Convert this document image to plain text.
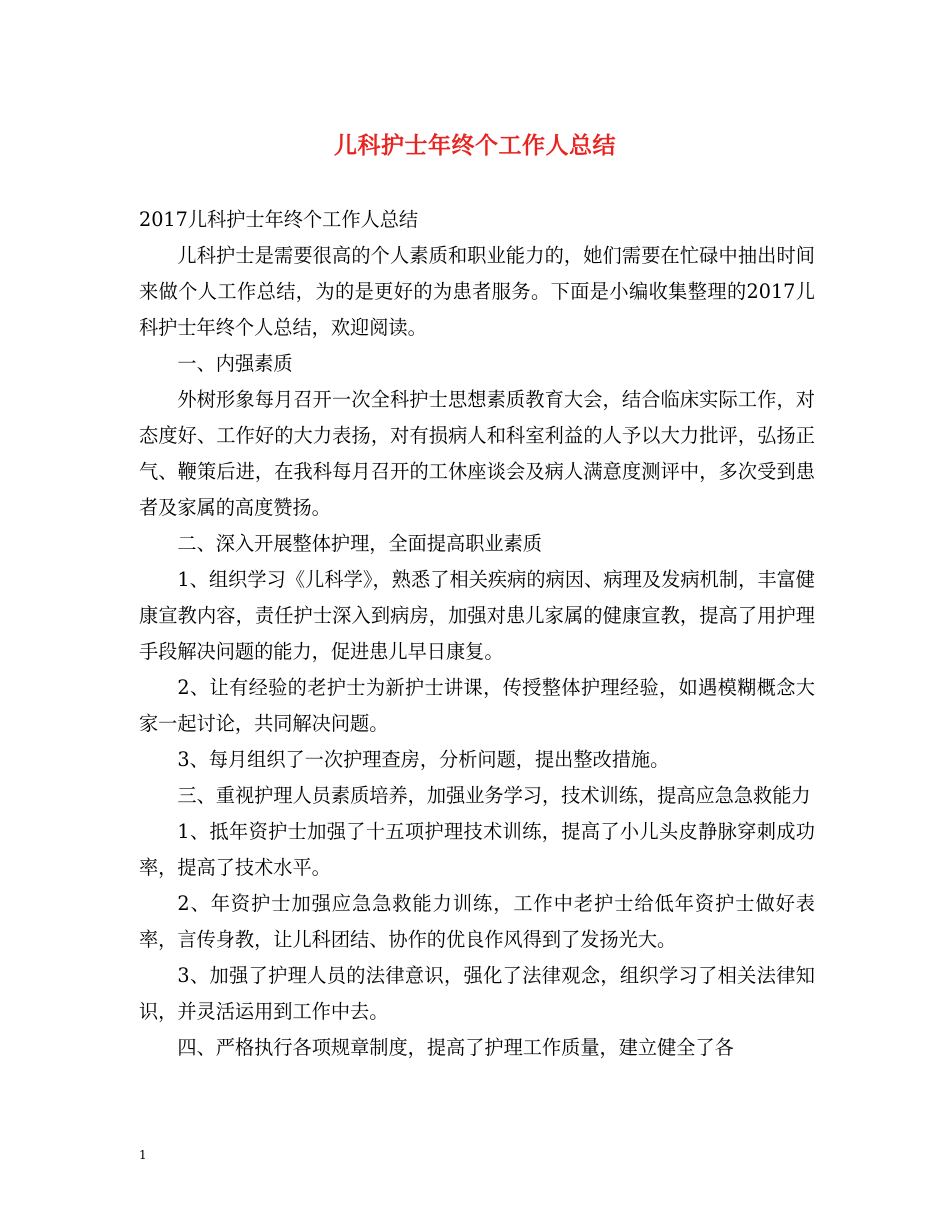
儿科护士年终个工作人总结

2017儿科护士年终个工作人总结

儿科护士是需要很高的个人素质和职业能力的，她们需要在忙碌中抽出时间来做个人工作总结，为的是更好的为患者服务。下面是小编收集整理的2017儿科护士年终个人总结，欢迎阅读。

一、内强素质

外树形象每月召开一次全科护士思想素质教育大会，结合临床实际工作，对态度好、工作好的大力表扬，对有损病人和科室利益的人予以大力批评，弘扬正气、鞭策后进，在我科每月召开的工休座谈会及病人满意度测评中，多次受到患者及家属的高度赞扬。

二、深入开展整体护理，全面提高职业素质

1、组织学习《儿科学》，熟悉了相关疾病的病因、病理及发病机制，丰富健康宣教内容，责任护士深入到病房，加强对患儿家属的健康宣教，提高了用护理手段解决问题的能力，促进患儿早日康复。

2、让有经验的老护士为新护士讲课，传授整体护理经验，如遇模糊概念大家一起讨论，共同解决问题。

3、每月组织了一次护理查房，分析问题，提出整改措施。

三、重视护理人员素质培养，加强业务学习，技术训练，提高应急急救能力

1、抵年资护士加强了十五项护理技术训练，提高了小儿头皮静脉穿刺成功率，提高了技术水平。

2、年资护士加强应急急救能力训练，工作中老护士给低年资护士做好表率，言传身教，让儿科团结、协作的优良作风得到了发扬光大。

3、加强了护理人员的法律意识，强化了法律观念，组织学习了相关法律知识，并灵活运用到工作中去。

四、严格执行各项规章制度，提高了护理工作质量，建立健全了各

1
